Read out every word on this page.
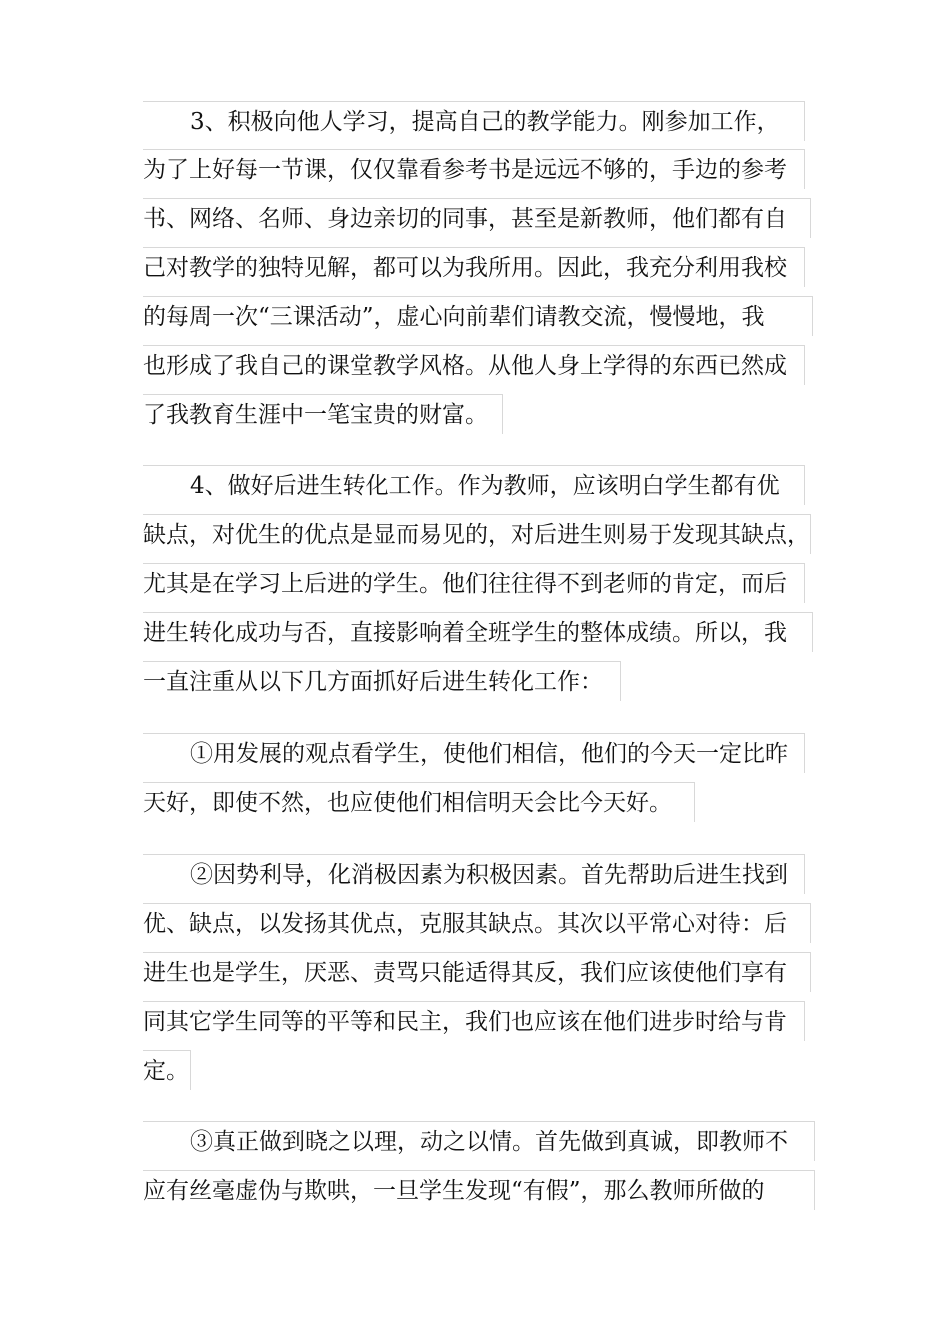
3、积极向他人学习，提高自己的教学能力。刚参加工作，
为了上好每一节课，仅仅靠看参考书是远远不够的，手边的参考
书、网络、名师、身边亲切的同事，甚至是新教师，他们都有自
己对教学的独特见解，都可以为我所用。因此，我充分利用我校
的每周一次“三课活动”，虚心向前辈们请教交流，慢慢地，我
也形成了我自己的课堂教学风格。从他人身上学得的东西已然成
了我教育生涯中一笔宝贵的财富。
4、做好后进生转化工作。作为教师，应该明白学生都有优
缺点，对优生的优点是显而易见的，对后进生则易于发现其缺点，
尤其是在学习上后进的学生。他们往往得不到老师的肯定，而后
进生转化成功与否，直接影响着全班学生的整体成绩。所以，我
一直注重从以下几方面抓好后进生转化工作：
①用发展的观点看学生，使他们相信，他们的今天一定比昨
天好，即使不然，也应使他们相信明天会比今天好。
②因势利导，化消极因素为积极因素。首先帮助后进生找到
优、缺点，以发扬其优点，克服其缺点。其次以平常心对待：后
进生也是学生，厌恶、责骂只能适得其反，我们应该使他们享有
同其它学生同等的平等和民主，我们也应该在他们进步时给与肯
定。
③真正做到晓之以理，动之以情。首先做到真诚，即教师不
应有丝毫虚伪与欺哄，一旦学生发现“有假”，那么教师所做的
